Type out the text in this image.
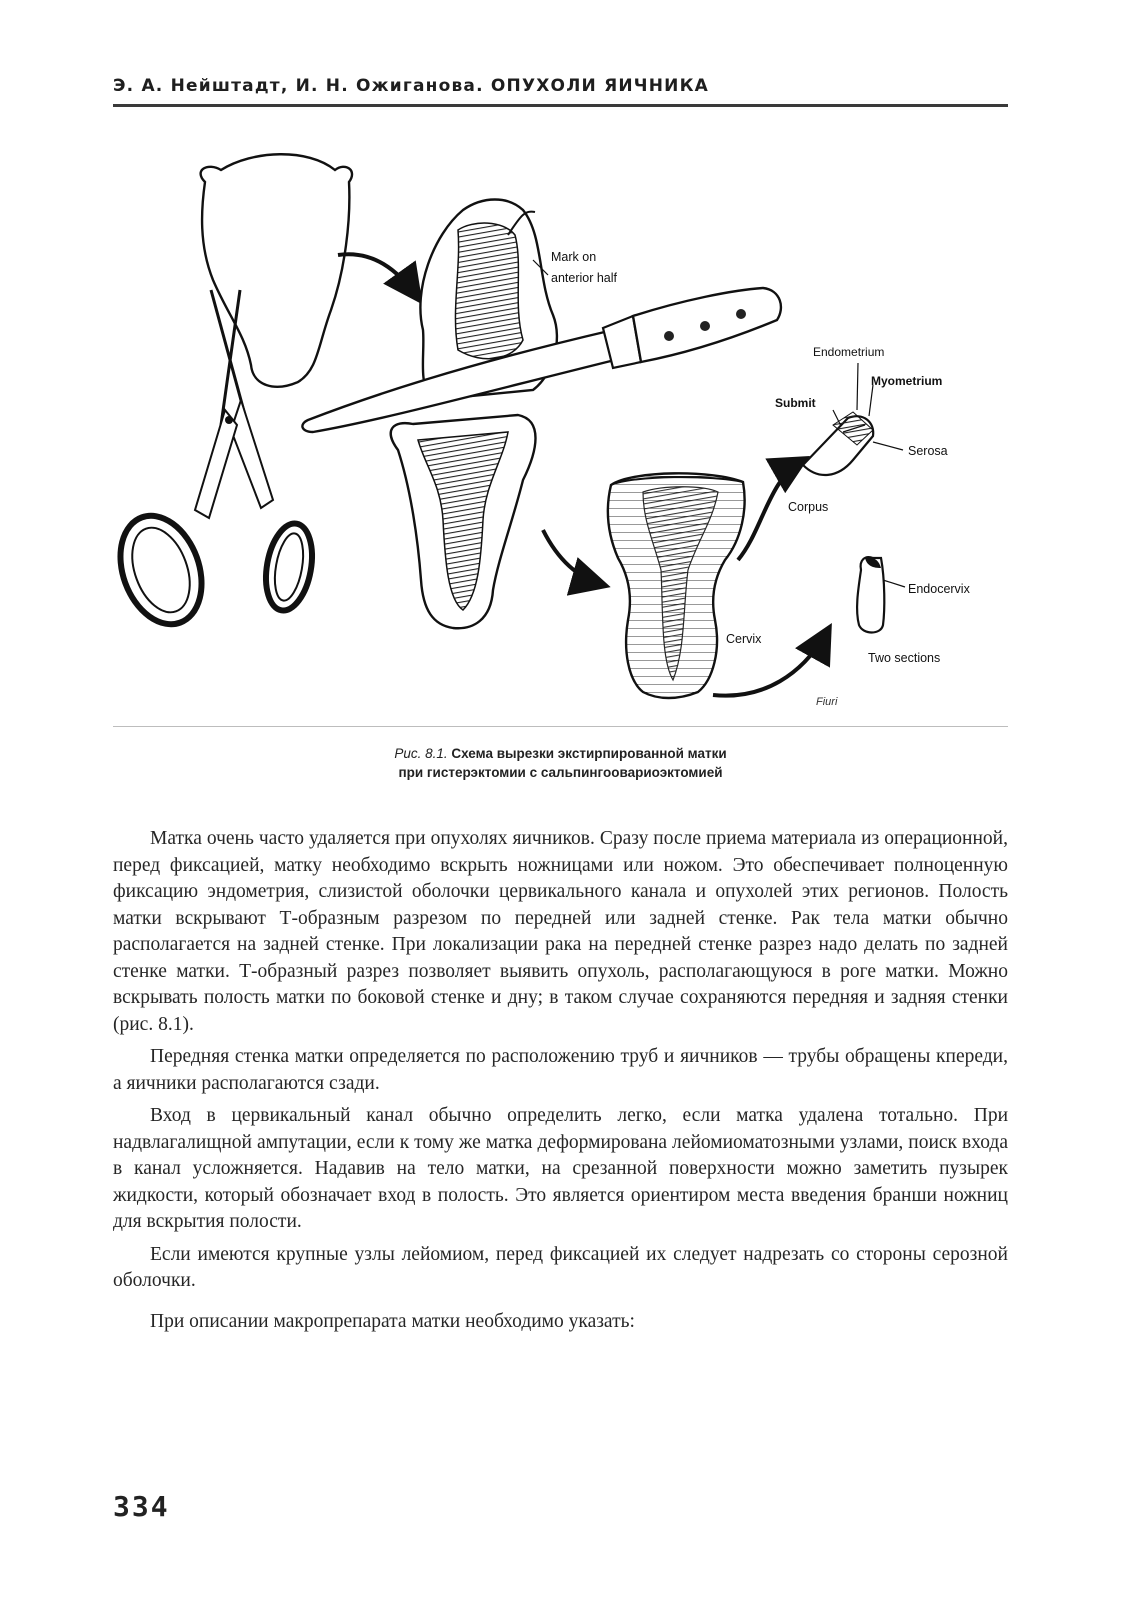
Э. А. Нейштадт, И. Н. Ожиганова. ОПУХОЛИ ЯИЧНИКА
Mark on
anterior half
Endometrium
Myometrium
Submit
Serosa
Corpus
Endocervix
Cervix
Two sections
Fiuri
Рис. 8.1. Схема вырезки экстирпированной матки
при гистерэктомии с сальпингоовариоэктомией

Матка очень часто удаляется при опухолях яичников. Сразу после приема материала из операционной, перед фиксацией, матку необходимо вскрыть ножницами или ножом. Это обеспечивает полноценную фиксацию эндометрия, слизистой оболочки цервикального канала и опухолей этих регионов. Полость матки вскрывают Т-образным разрезом по передней или задней стенке. Рак тела матки обычно располагается на задней стенке. При локализации рака на передней стенке разрез надо делать по задней стенке матки. Т-образный разрез позволяет выявить опухоль, располагающуюся в роге матки. Можно вскрывать полость матки по боковой стенке и дну; в таком случае сохраняются передняя и задняя стенки (рис. 8.1).

Передняя стенка матки определяется по расположению труб и яичников — трубы обращены кпереди, а яичники располагаются сзади.

Вход в цервикальный канал обычно определить легко, если матка удалена тотально. При надвлагалищной ампутации, если к тому же матка деформирована лейомиоматозными узлами, поиск входа в канал усложняется. Надавив на тело матки, на срезанной поверхности можно заметить пузырек жидкости, который обозначает вход в полость. Это является ориентиром места введения бранши ножниц для вскрытия полости.

Если имеются крупные узлы лейомиом, перед фиксацией их следует надрезать со стороны серозной оболочки.

При описании макропрепарата матки необходимо указать:

334
